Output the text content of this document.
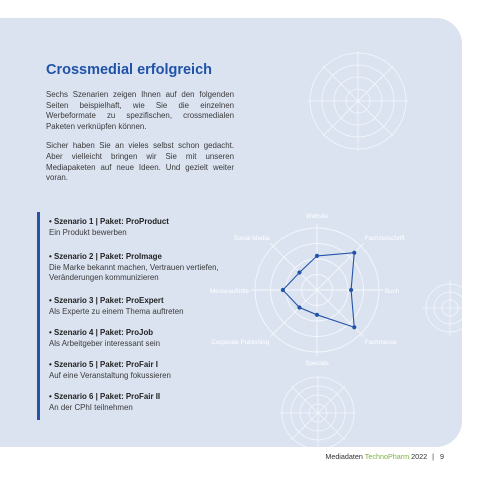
Crossmedial erfolgreich

Sechs Szenarien zeigen Ihnen auf den folgenden Seiten beispielhaft, wie Sie die einzelnen Werbeformate zu spezifischen, crossmedialen Paketen verknüpfen können.

Sicher haben Sie an vieles selbst schon gedacht. Aber vielleicht bringen wir Sie mit unseren Mediapaketen auf neue Ideen. Und gezielt weiter voran.

• Szenario 1 | Paket: ProProduct
Ein Produkt bewerben
• Szenario 2 | Paket: ProImage
Die Marke bekannt machen, Vertrauen vertiefen, Veränderungen kommunizieren
• Szenario 3 | Paket: ProExpert
Als Experte zu einem Thema auftreten
• Szenario 4 | Paket: ProJob
Als Arbeitgeber interessant sein
• Szenario 5 | Paket: ProFair I
Auf eine Veranstaltung fokussieren
• Szenario 6 | Paket: ProFair II
An der CPhI teilnehmen
Website
Fachzeitschrift
Buch
Fachmesse
Specials
Corporate Publishing
Messeauftritte
Social Media
Mediadaten TechnoPharm 2022 | 9
